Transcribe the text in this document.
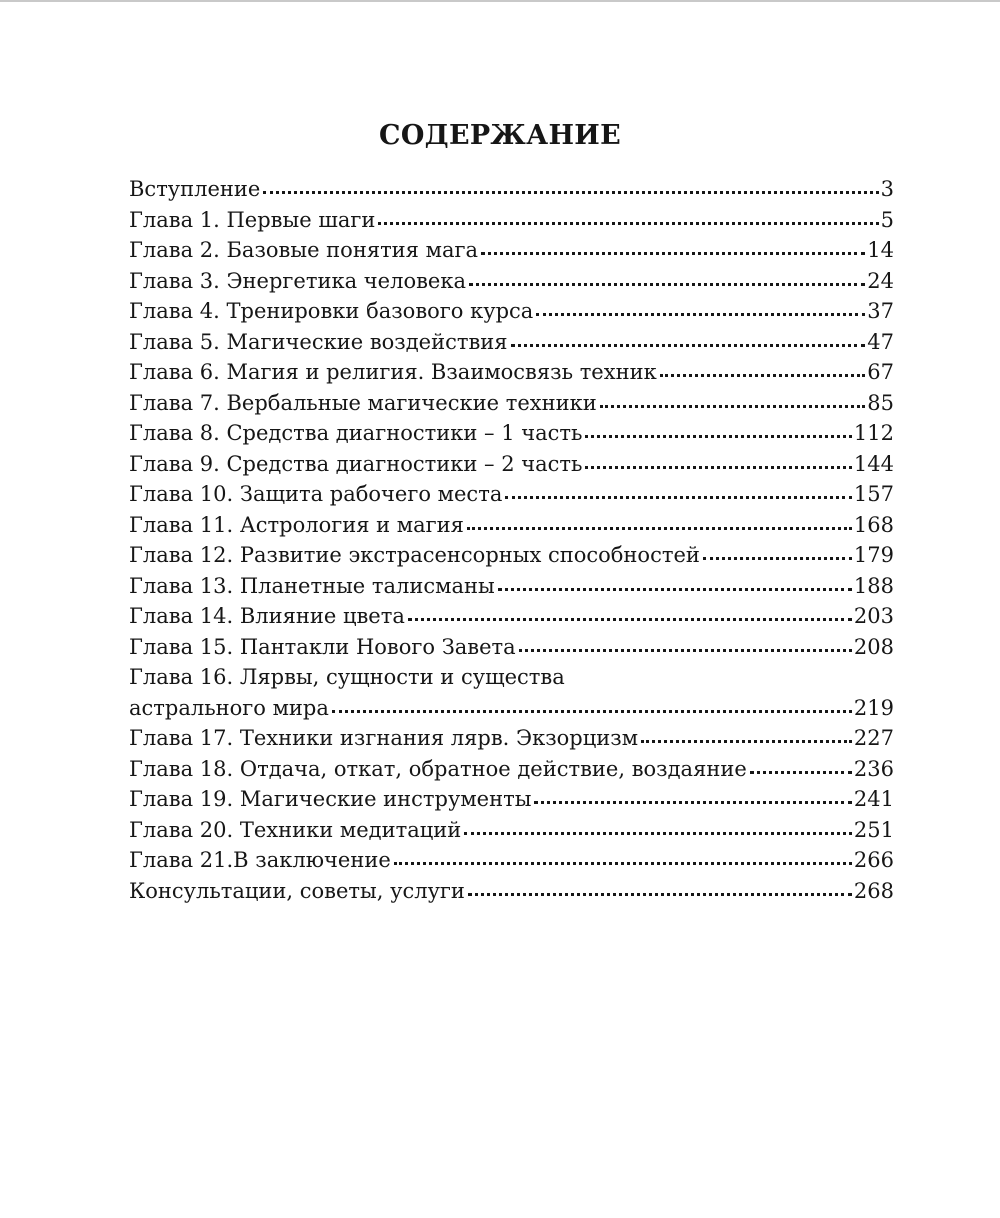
СОДЕРЖАНИЕ
Вступление	3
Глава 1. Первые шаги	5
Глава 2. Базовые понятия мага	14
Глава 3. Энергетика человека	24
Глава 4. Тренировки базового курса	37
Глава 5. Магические воздействия	47
Глава 6. Магия и религия. Взаимосвязь техник	67
Глава 7. Вербальные магические техники	85
Глава 8. Средства диагностики – 1 часть	112
Глава 9. Средства диагностики – 2 часть	144
Глава 10. Защита рабочего места	157
Глава 11. Астрология и магия	168
Глава 12. Развитие экстрасенсорных способностей	179
Глава 13. Планетные талисманы	188
Глава 14. Влияние цвета	203
Глава 15. Пантакли Нового Завета	208
Глава 16. Лярвы, сущности и существа
астрального мира	219
Глава 17. Техники изгнания лярв. Экзорцизм	227
Глава 18. Отдача, откат, обратное действие, воздаяние	236
Глава 19. Магические инструменты	241
Глава 20. Техники медитаций	251
Глава 21.В заключение	266
Консультации, советы, услуги	268
